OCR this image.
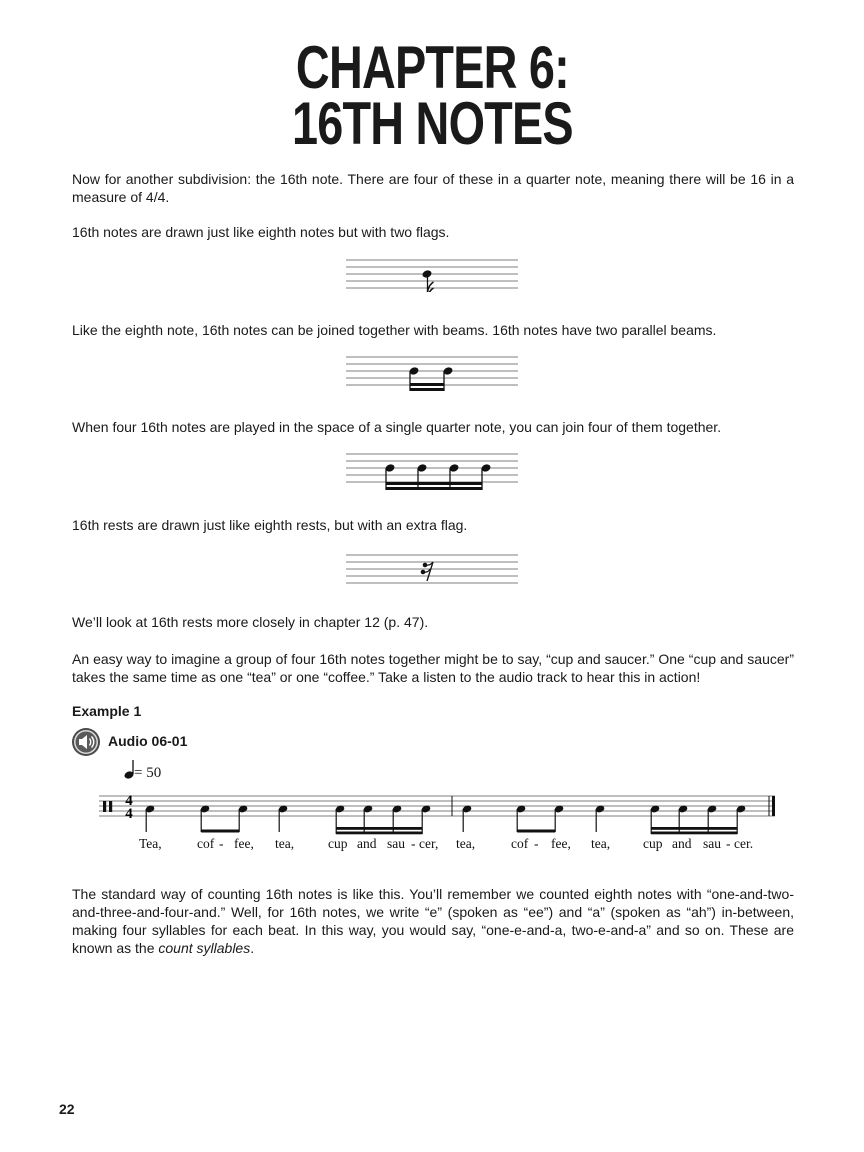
CHAPTER 6:
16TH NOTES
Now for another subdivision: the 16th note. There are four of these in a quarter note, meaning there will be 16 in a measure of 4/4.
16th notes are drawn just like eighth notes but with two flags.
Like the eighth note, 16th notes can be joined together with beams. 16th notes have two parallel beams.
When four 16th notes are played in the space of a single quarter note, you can join four of them together.
16th rests are drawn just like eighth rests, but with an extra flag.
We’ll look at 16th rests more closely in chapter 12 (p. 47).
An easy way to imagine a group of four 16th notes together might be to say, “cup and saucer.” One “cup and saucer” takes the same time as one “tea” or one “coffee.” Take a listen to the audio track to hear this in action!
Example 1
Audio 06-01
= 50
4
4
Tea,	cof - fee, tea,	cup and sau - cer, tea,	cof - fee, tea, cup and sau - cer.
The standard way of counting 16th notes is like this. You’ll remember we counted eighth notes with “one-and-two-and-three-and-four-and.” Well, for 16th notes, we write “e” (spoken as “ee”) and “a” (spoken as “ah”) in-between, making four syllables for each beat. In this way, you would say, “one-e-and-a, two-e-and-a” and so on. These are known as the count syllables.
22
